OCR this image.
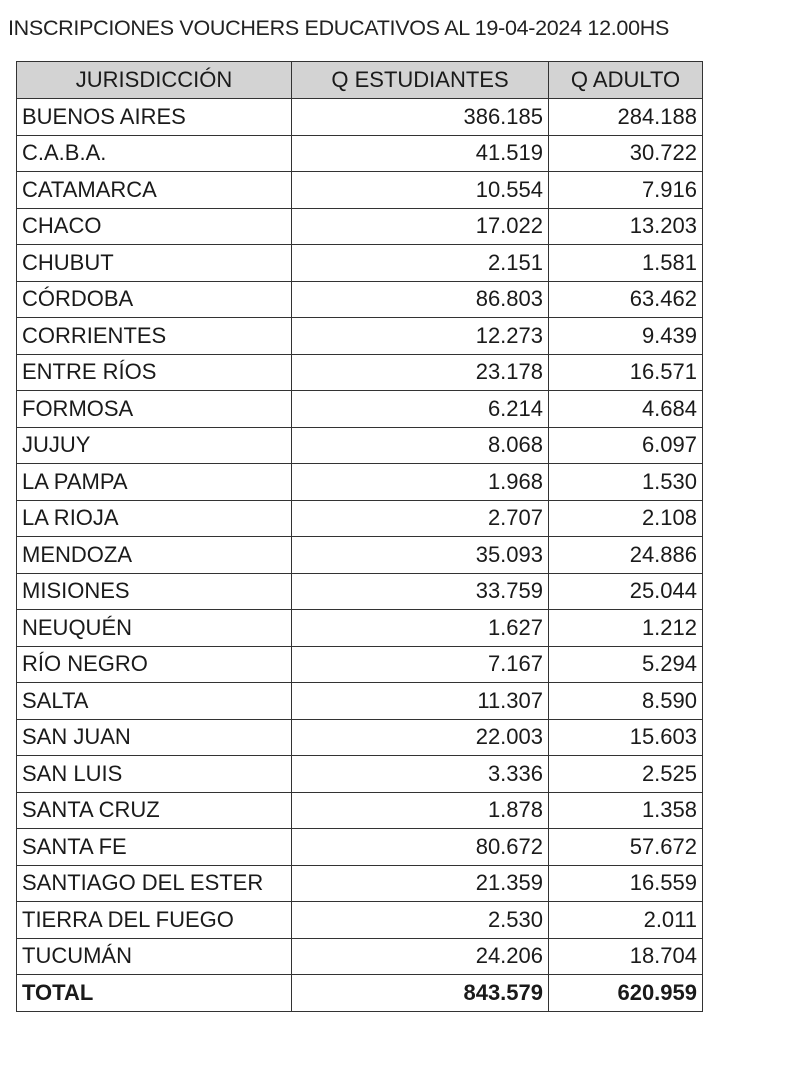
INSCRIPCIONES VOUCHERS EDUCATIVOS AL 19-04-2024 12.00HS
JURISDICCIÓN	Q ESTUDIANTES	Q ADULTO
BUENOS AIRES	386.185	284.188
C.A.B.A.	41.519	30.722
CATAMARCA	10.554	7.916
CHACO	17.022	13.203
CHUBUT	2.151	1.581
CÓRDOBA	86.803	63.462
CORRIENTES	12.273	9.439
ENTRE RÍOS	23.178	16.571
FORMOSA	6.214	4.684
JUJUY	8.068	6.097
LA PAMPA	1.968	1.530
LA RIOJA	2.707	2.108
MENDOZA	35.093	24.886
MISIONES	33.759	25.044
NEUQUÉN	1.627	1.212
RÍO NEGRO	7.167	5.294
SALTA	11.307	8.590
SAN JUAN	22.003	15.603
SAN LUIS	3.336	2.525
SANTA CRUZ	1.878	1.358
SANTA FE	80.672	57.672
SANTIAGO DEL ESTER	21.359	16.559
TIERRA DEL FUEGO	2.530	2.011
TUCUMÁN	24.206	18.704
TOTAL	843.579	620.959
